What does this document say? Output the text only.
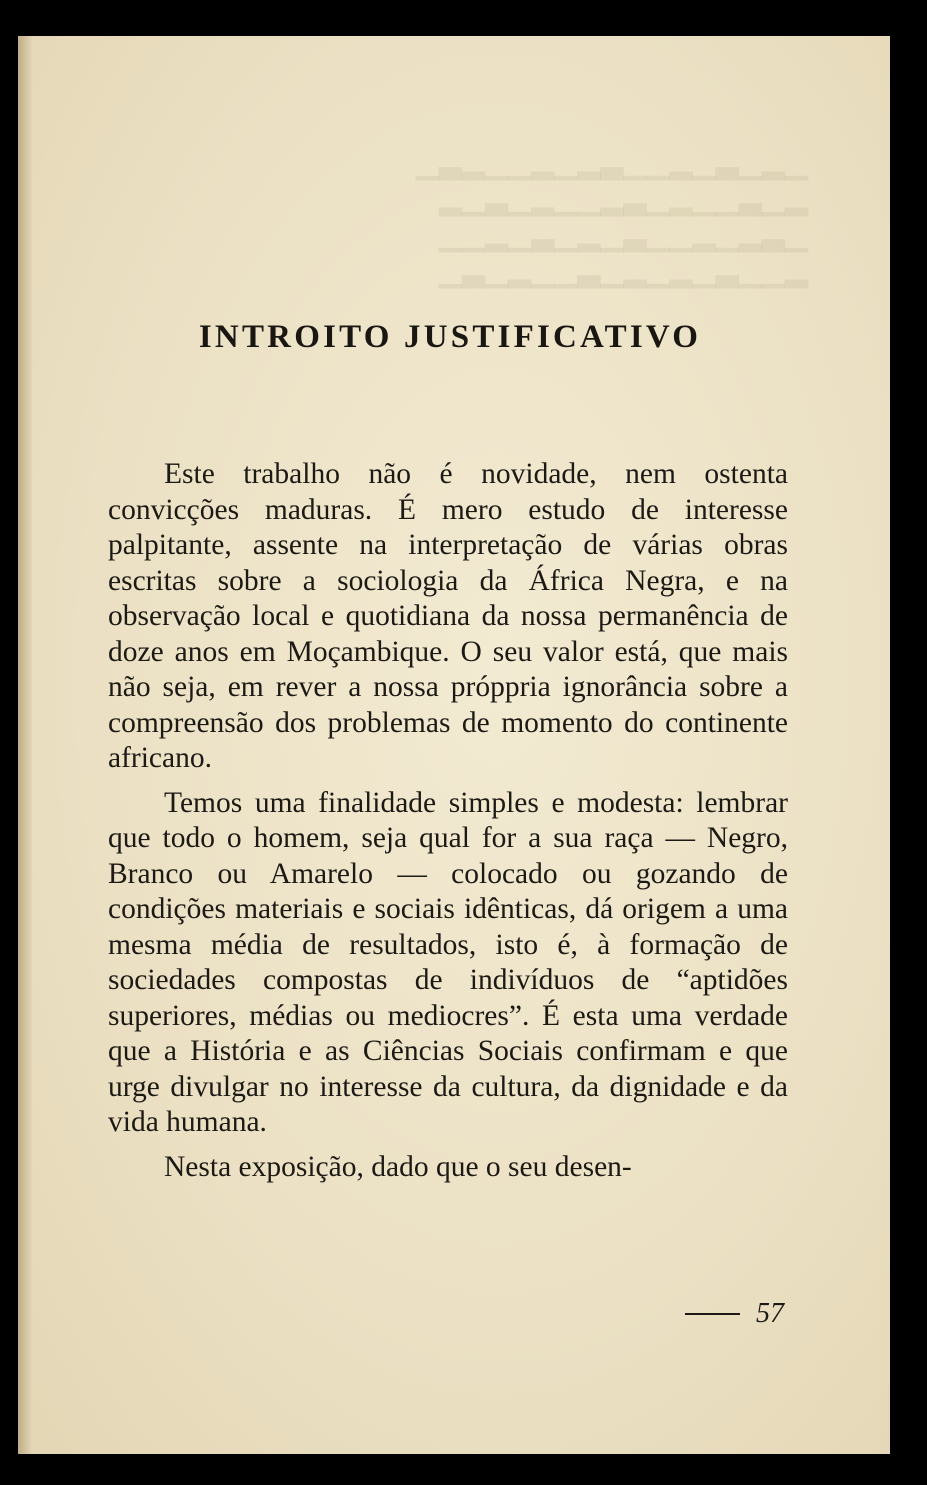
▁▂▁▃▁▂▁▁▃▂▁▂▁▁▂▃▁
▂▁▃▁▁▂▁▃▂▁▁▂▁▃▁▂
▁▃▂▁▂▁▁▃▁▂▁▃▁▂▁▁
▂▁▁▃▁▂▁▂▁▃▁▁▂▁▃▁
INTROITO JUSTIFICATIVO

Este trabalho não é novidade, nem ostenta convicções maduras. É mero estudo de interesse palpitante, assente na interpretação de várias obras escritas sobre a sociologia da África Negra, e na observação local e quotidiana da nossa permanência de doze anos em Moçambique. O seu valor está, que mais não seja, em rever a nossa próppria ignorância sobre a compreensão dos problemas de momento do continente africano.

Temos uma finalidade simples e modesta: lembrar que todo o homem, seja qual for a sua raça — Negro, Branco ou Amarelo — colocado ou gozando de condições materiais e sociais idênticas, dá origem a uma mesma média de resultados, isto é, à formação de sociedades compostas de indivíduos de “aptidões superiores, médias ou mediocres”. É esta uma verdade que a História e as Ciências Sociais confirmam e que urge divulgar no interesse da cultura, da dignidade e da vida humana.

Nesta exposição, dado que o seu desen-

57
